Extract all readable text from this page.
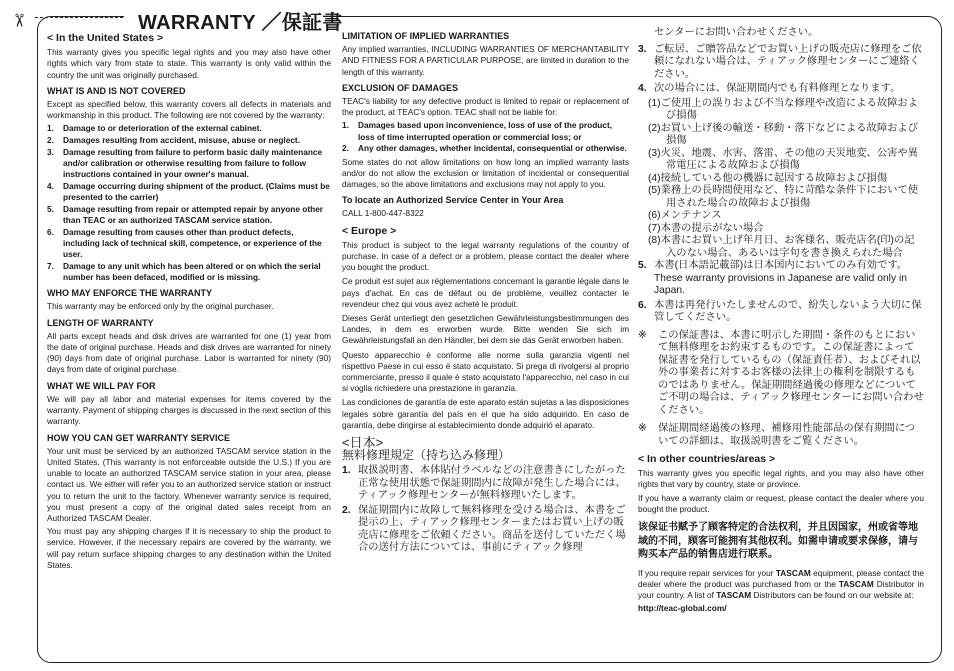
✂	WARRANTY ／保証書
< In the United States >

This warranty gives you specific legal rights and you may also have other rights which vary from state to state. This warranty is only valid within the country the unit was originally purchased.

WHAT IS AND IS NOT COVERED

Except as specified below, this warranty covers all defects in materials and workmanship in this product. The following are not covered by the warranty:

1. Damage to or deterioration of the external cabinet.
2. Damages resulting from accident, misuse, abuse or neglect.
3. Damage resulting from failure to perform basic daily maintenance and/or calibration or otherwise resulting from failure to follow instructions contained in your owner's manual.
4. Damage occurring during shipment of the product. (Claims must be presented to the carrier)
5. Damage resulting from repair or attempted repair by anyone other than TEAC or an authorized TASCAM service station.
6. Damage resulting from causes other than product defects, including lack of technical skill, competence, or experience of the user.
7. Damage to any unit which has been altered or on which the serial number has been defaced, modified or is missing.
WHO MAY ENFORCE THE WARRANTY

This warranty may be enforced only by the original purchaser.

LENGTH OF WARRANTY

All parts except heads and disk drives are warranted for one (1) year from the date of original purchase. Heads and disk drives are warranted for ninety (90) days from date of original purchase. Labor is warranted for ninety (90) days from date of original purchase.

WHAT WE WILL PAY FOR

We will pay all labor and material expenses for items covered by the warranty. Payment of shipping charges is discussed in the next section of this warranty.

HOW YOU CAN GET WARRANTY SERVICE

Your unit must be serviced by an authorized TASCAM service station in the United States. (This warranty is not enforceable outside the U.S.) If you are unable to locate an authorized TASCAM service station in your area, please contact us. We either will refer you to an authorized service station or instruct you to return the unit to the factory. Whenever warranty service is required, you must present a copy of the original dated sales receipt from an Authorized TASCAM Dealer.

You must pay any shipping charges if it is necessary to ship the product to service. However, if the necessary repairs are covered by the warranty, we will pay return surface shipping charges to any destination within the United States.

LIMITATION OF IMPLIED WARRANTIES

Any implied warranties, INCLUDING WARRANTIES OF MERCHANTABILITY AND FITNESS FOR A PARTICULAR PURPOSE, are limited in duration to the length of this warranty.

EXCLUSION OF DAMAGES

TEAC's liability for any defective product is limited to repair or replacement of the product, at TEAC's option. TEAC shall not be liable for:

1. Damages based upon inconvenience, loss of use of the product, loss of time interrupted operation or commercial loss; or
2. Any other damages, whether incidental, consequential or otherwise.

Some states do not allow limitations on how long an implied warranty lasts and/or do not allow the exclusion or limitation of incidental or consequential damages, so the above limitations and exclusions may not apply to you.

To locate an Authorized Service Center in Your Area

CALL 1-800-447-8322

< Europe >

This product is subject to the legal warranty regulations of the country of purchase. In case of a defect or a problem, please contact the dealer where you bought the product.

Ce produit est sujet aux réglementations concernant la garantie légale dans le pays d'achat. En cas de défaut ou de problème, veuillez contacter le revendeur chez qui vous avez acheté le produit.

Dieses Gerät unterliegt den gesetzlichen Gewährleistungsbestimmungen des Landes, in dem es erworben wurde. Bitte wenden Sie sich im Gewährleistungsfall an den Händler, bei dem sie das Gerät erworben haben.

Questo apparecchio è conforme alle norme sulla garanzia vigenti nel rispettivo Paese in cui esso è stato acquistato. Si prega di rivolgersi al proprio commerciante, presso il quale è stato acquistato l'apparecchio, nel caso in cui si voglia richiedere una prestazione in garanzia.

Las condiciones de garantía de este aparato están sujetas a las disposiciones legales sobre garantía del país en el que ha sido adquirido. En caso de garantía, debe dirigirse al establecimiento donde adquirió el aparato.

<日本>
無料修理規定（持ち込み修理）
1. 取扱説明書、本体貼付ラベルなどの注意書きにしたがった正常な使用状態で保証期間内に故障が発生した場合には、ティアック修理センターが無料修理いたします。
2. 保証期間内に故障して無料修理を受ける場合は、本書をご提示の上、ティアック修理センターまたはお買い上げの販売店に修理をご依頼ください。商品を送付していただく場合の送付方法については、事前にティアック修理
センターにお問い合わせください。
3. ご転居、ご贈答品などでお買い上げの販売店に修理をご依頼になれない場合は、ティアック修理センターにご連絡ください。
4. 次の場合には、保証期間内でも有料修理となります。
(1)ご使用上の誤りおよび不当な修理や改造による故障および損傷
(2)お買い上げ後の輸送・移動・落下などによる故障および損傷
(3)火災、地震、水害、落雷、その他の天災地変、公害や異常電圧による故障および損傷
(4)接続している他の機器に起因する故障および損傷
(5)業務上の長時間使用など、特に苛酷な条件下において使用された場合の故障および損傷
(6)メンテナンス
(7)本書の提示がない場合
(8)本書にお買い上げ年月日、お客様名、販売店名(印)の記入のない場合、あるいは字句を書き換えられた場合
5. 本書(日本語記載部)は日本国内においてのみ有効です。These warranty provisions in Japanese are valid only in Japan.
6. 本書は再発行いたしませんので、紛失しないよう大切に保管してください。
※ この保証書は、本書に明示した期間・条件のもとにおいて無料修理をお約束するものです。この保証書によって保証書を発行しているもの（保証責任者）、およびそれ以外の事業者に対するお客様の法律上の権利を制限するものではありません。保証期間経過後の修理などについてご不明の場合は、ティアック修理センターにお問い合わせください。
※ 保証期間経過後の修理、補修用性能部品の保有期間についての詳細は、取扱説明書をご覧ください。
< In other countries/areas >

This warranty gives you specific legal rights, and you may also have other rights that vary by country, state or province.

If you have a warranty claim or request, please contact the dealer where you bought the product.

该保证书赋予了顾客特定的合法权利，并且因国家，州或省等地域的不同，顾客可能拥有其他权利。如需申请或要求保修，请与购买本产品的销售店进行联系。

If you require repair services for your TASCAM equipment, please contact the dealer where the product was purchased from or the TASCAM Distributor in your country. A list of TASCAM Distributors can be found on our website at:

http://teac-global.com/
